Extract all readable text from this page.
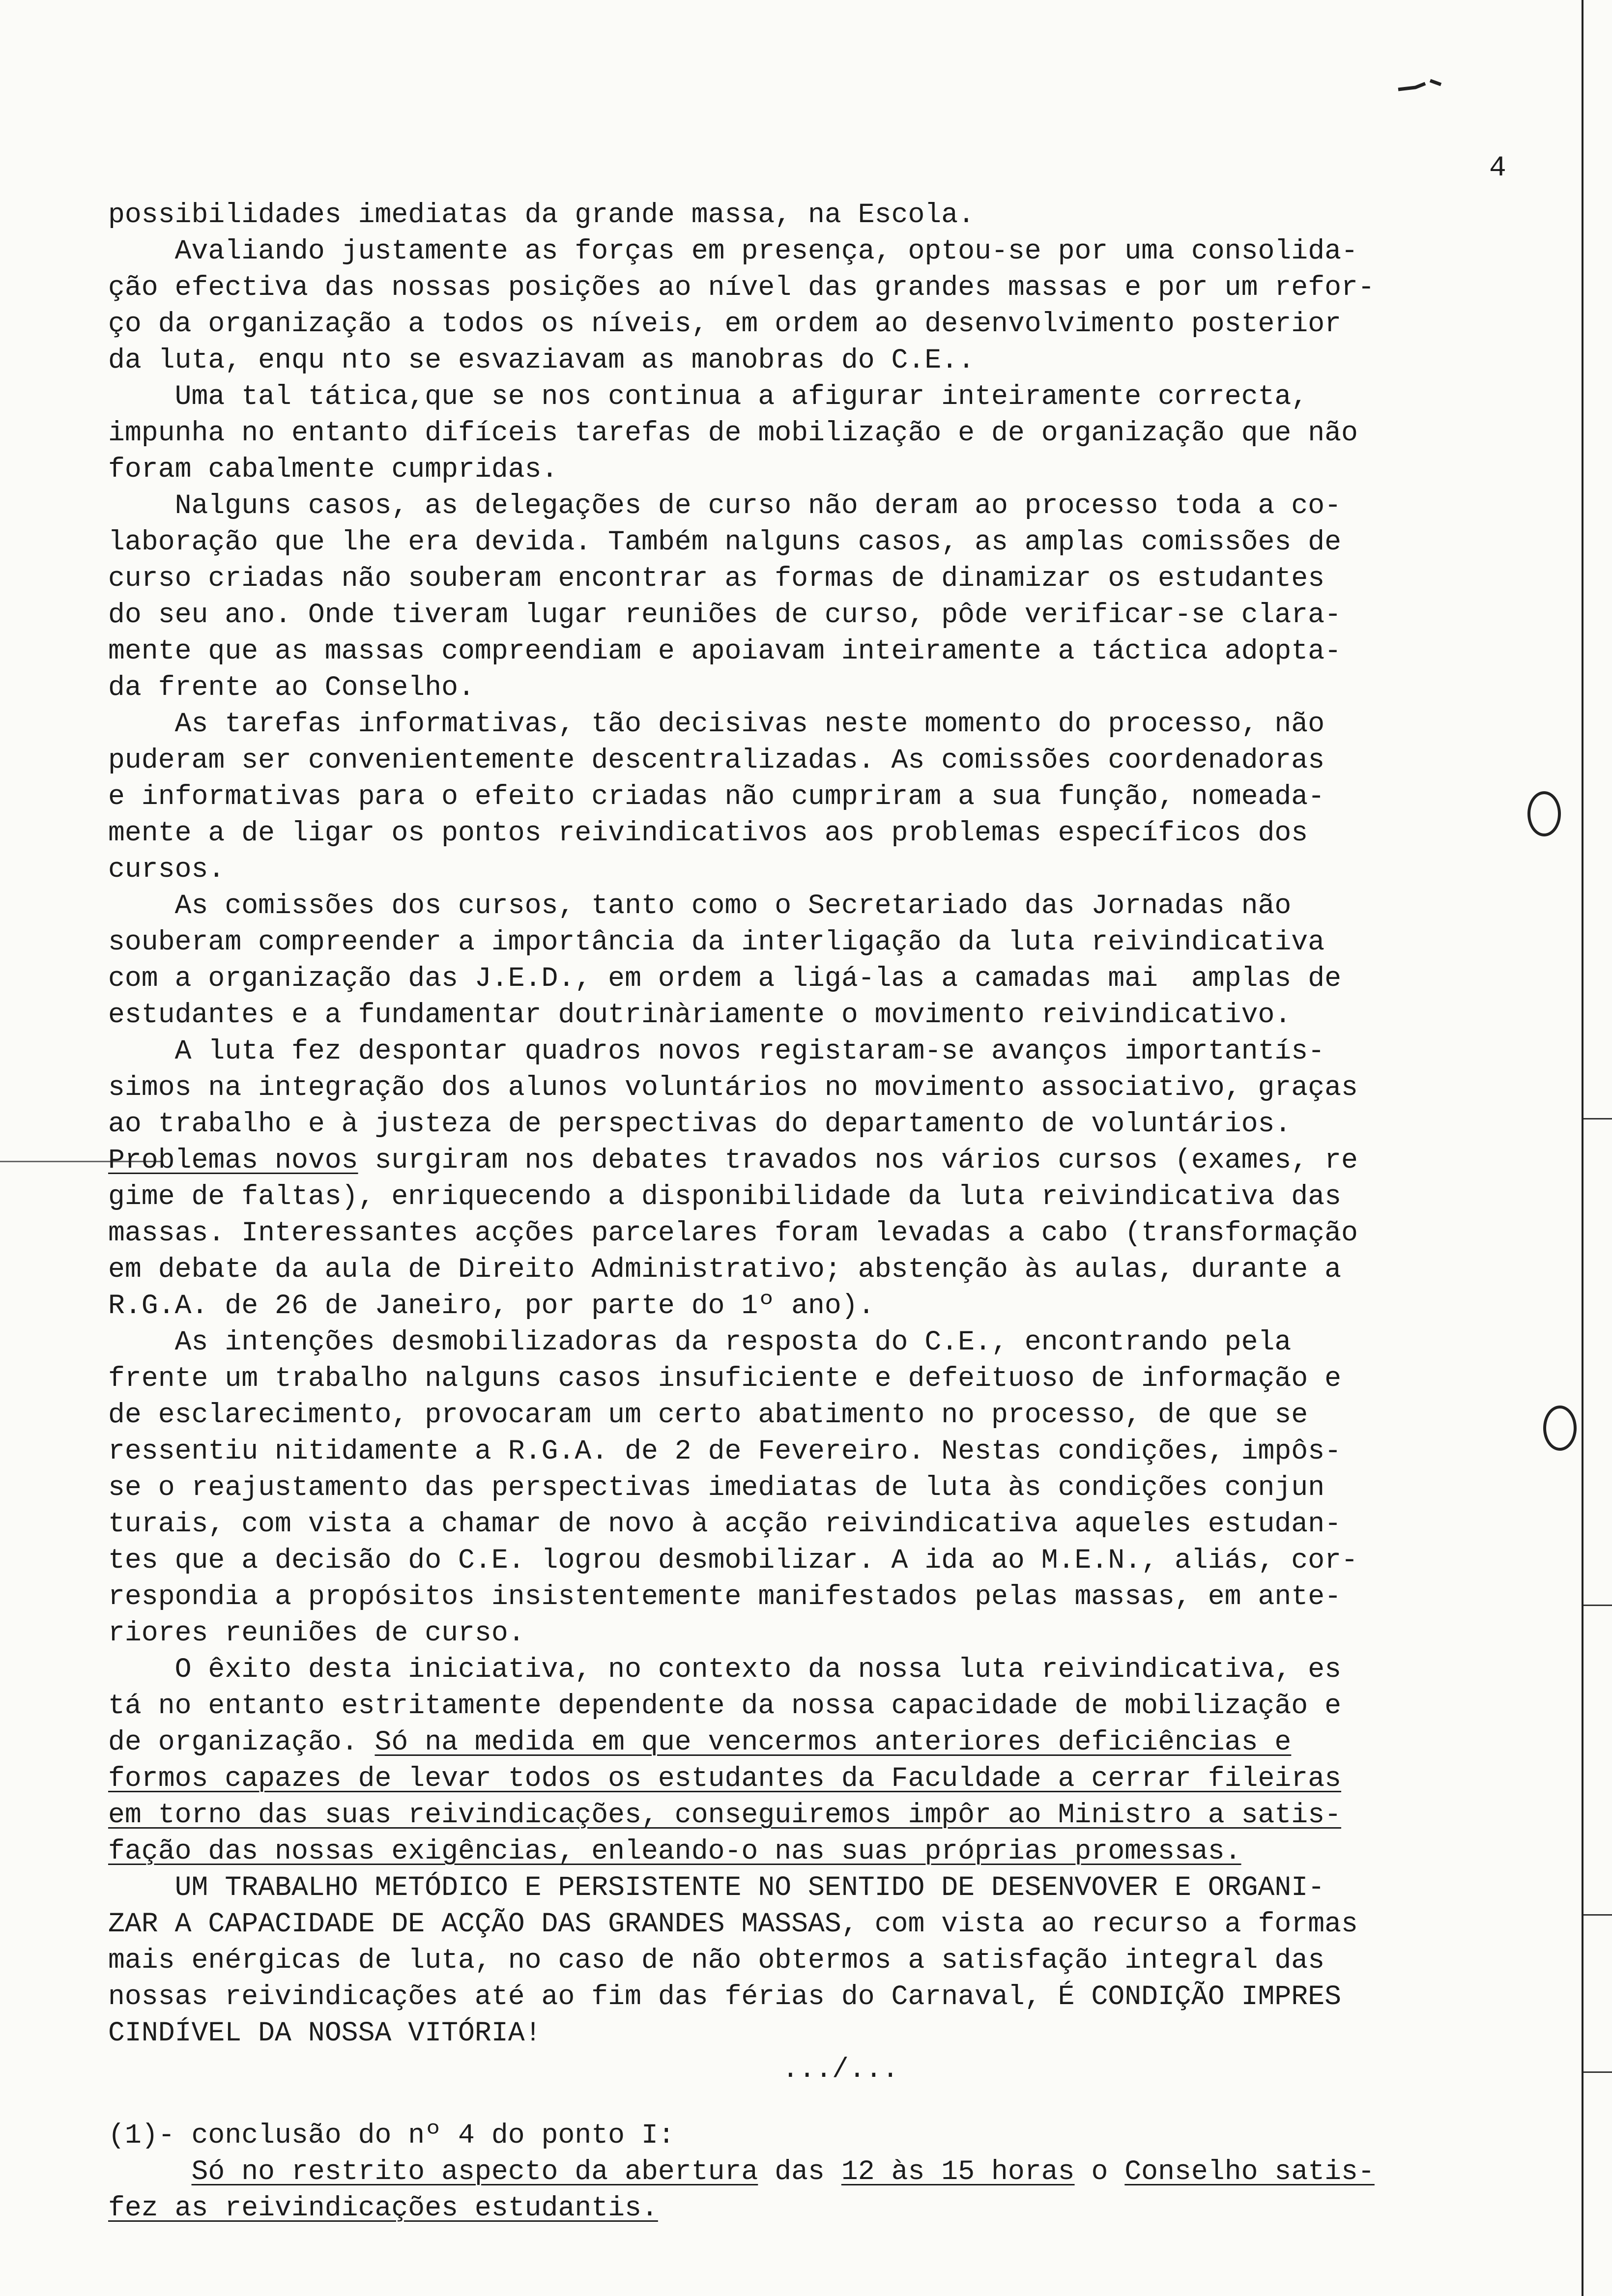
4
possibilidades imediatas da grande massa, na Escola.
Avaliando justamente as forças em presença, optou-se por uma consolida-
ção efectiva das nossas posições ao nível das grandes massas e por um refor-
ço da organização a todos os níveis, em ordem ao desenvolvimento posterior
da luta, enqu nto se esvaziavam as manobras do C.E..
Uma tal tática,que se nos continua a afigurar inteiramente correcta,
impunha no entanto difíceis tarefas de mobilização e de organização que não
foram cabalmente cumpridas.
Nalguns casos, as delegações de curso não deram ao processo toda a co-
laboração que lhe era devida. Também nalguns casos, as amplas comissões de
curso criadas não souberam encontrar as formas de dinamizar os estudantes
do seu ano. Onde tiveram lugar reuniões de curso, pôde verificar-se clara-
mente que as massas compreendiam e apoiavam inteiramente a táctica adopta-
da frente ao Conselho.
As tarefas informativas, tão decisivas neste momento do processo, não
puderam ser convenientemente descentralizadas. As comissões coordenadoras
e informativas para o efeito criadas não cumpriram a sua função, nomeada-
mente a de ligar os pontos reivindicativos aos problemas específicos dos
cursos.
As comissões dos cursos, tanto como o Secretariado das Jornadas não
souberam compreender a importância da interligação da luta reivindicativa
com a organização das J.E.D., em ordem a ligá-las a camadas mai  amplas de
estudantes e a fundamentar doutrinàriamente o movimento reivindicativo.
A luta fez despontar quadros novos registaram-se avanços importantís-
simos na integração dos alunos voluntários no movimento associativo, graças
ao trabalho e à justeza de perspectivas do departamento de voluntários.
Problemas novos surgiram nos debates travados nos vários cursos (exames, re
gime de faltas), enriquecendo a disponibilidade da luta reivindicativa das
massas. Interessantes acções parcelares foram levadas a cabo (transformação
em debate da aula de Direito Administrativo; abstenção às aulas, durante a
R.G.A. de 26 de Janeiro, por parte do 1º ano).
As intenções desmobilizadoras da resposta do C.E., encontrando pela
frente um trabalho nalguns casos insuficiente e defeituoso de informação e
de esclarecimento, provocaram um certo abatimento no processo, de que se
ressentiu nitidamente a R.G.A. de 2 de Fevereiro. Nestas condições, impôs-
se o reajustamento das perspectivas imediatas de luta às condições conjun
turais, com vista a chamar de novo à acção reivindicativa aqueles estudan-
tes que a decisão do C.E. logrou desmobilizar. A ida ao M.E.N., aliás, cor-
respondia a propósitos insistentemente manifestados pelas massas, em ante-
riores reuniões de curso.
O êxito desta iniciativa, no contexto da nossa luta reivindicativa, es
tá no entanto estritamente dependente da nossa capacidade de mobilização e
de organização. Só na medida em que vencermos anteriores deficiências e
formos capazes de levar todos os estudantes da Faculdade a cerrar fileiras
em torno das suas reivindicações, conseguiremos impôr ao Ministro a satis-
fação das nossas exigências, enleando-o nas suas próprias promessas.
UM TRABALHO METÓDICO E PERSISTENTE NO SENTIDO DE DESENVOVER E ORGANI-
ZAR A CAPACIDADE DE ACÇÃO DAS GRANDES MASSAS, com vista ao recurso a formas
mais enérgicas de luta, no caso de não obtermos a satisfação integral das
nossas reivindicações até ao fim das férias do Carnaval, É CONDIÇÃO IMPRES
CINDÍVEL DA NOSSA VITÓRIA!
.../...
(1)- conclusão do nº 4 do ponto I:
Só no restrito aspecto da abertura das 12 às 15 horas o Conselho satis-
fez as reivindicações estudantis.
